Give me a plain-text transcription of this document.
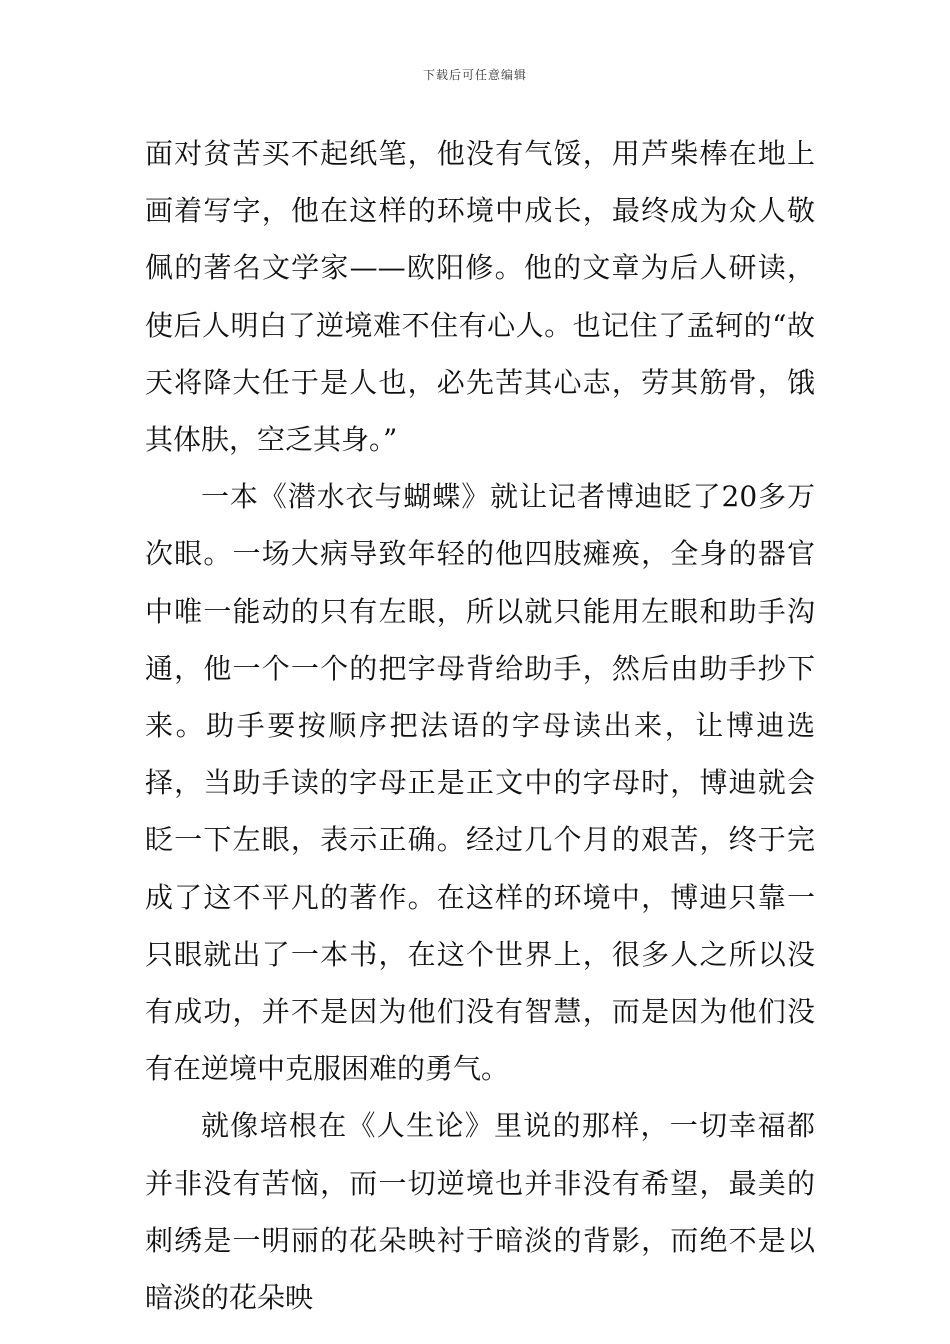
下载后可任意编辑

面对贫苦买不起纸笔，他没有气馁，用芦柴棒在地上画着写字，他在这样的环境中成长，最终成为众人敬佩的著名文学家——欧阳修。他的文章为后人研读，使后人明白了逆境难不住有心人。也记住了孟轲的“故天将降大任于是人也，必先苦其心志，劳其筋骨，饿其体肤，空乏其身。”

一本《潜水衣与蝴蝶》就让记者博迪眨了20多万次眼。一场大病导致年轻的他四肢瘫痪，全身的器官中唯一能动的只有左眼，所以就只能用左眼和助手沟通，他一个一个的把字母背给助手，然后由助手抄下来。助手要按顺序把法语的字母读出来，让博迪选择，当助手读的字母正是正文中的字母时，博迪就会眨一下左眼，表示正确。经过几个月的艰苦，终于完成了这不平凡的著作。在这样的环境中，博迪只靠一只眼就出了一本书，在这个世界上，很多人之所以没有成功，并不是因为他们没有智慧，而是因为他们没有在逆境中克服困难的勇气。

就像培根在《人生论》里说的那样，一切幸福都并非没有苦恼，而一切逆境也并非没有希望，最美的刺绣是一明丽的花朵映衬于暗淡的背影，而绝不是以暗淡的花朵映
